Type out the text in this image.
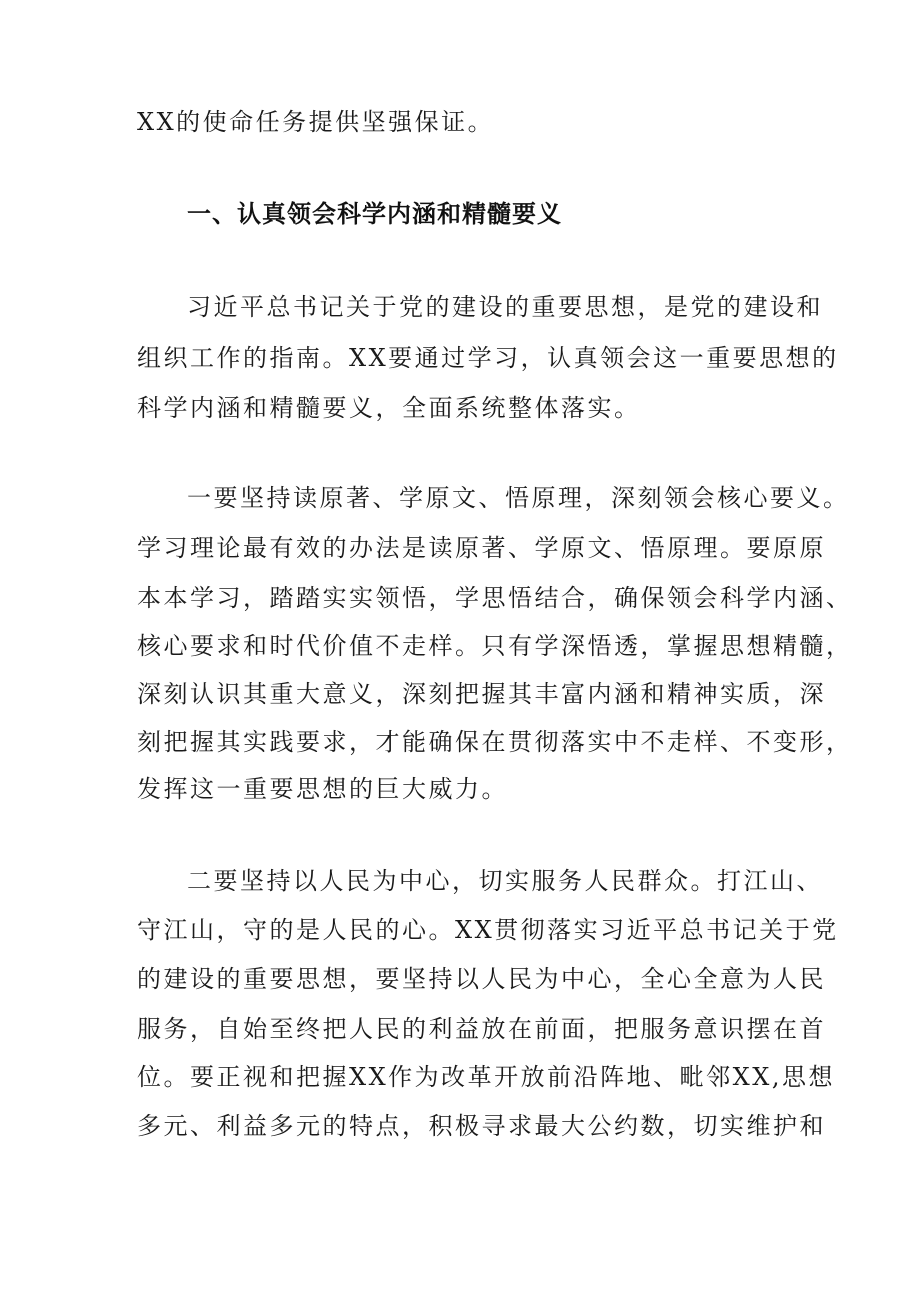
XX的使命任务提供坚强保证。

一、认真领会科学内涵和精髓要义

习近平总书记关于党的建设的重要思想，是党的建设和

组织工作的指南。XX要通过学习，认真领会这一重要思想的

科学内涵和精髓要义，全面系统整体落实。

一要坚持读原著、学原文、悟原理，深刻领会核心要义。

学习理论最有效的办法是读原著、学原文、悟原理。要原原

本本学习，踏踏实实领悟，学思悟结合，确保领会科学内涵、

核心要求和时代价值不走样。只有学深悟透，掌握思想精髓，

深刻认识其重大意义，深刻把握其丰富内涵和精神实质，深

刻把握其实践要求，才能确保在贯彻落实中不走样、不变形，

发挥这一重要思想的巨大威力。

二要坚持以人民为中心，切实服务人民群众。打江山、

守江山，守的是人民的心。XX贯彻落实习近平总书记关于党

的建设的重要思想，要坚持以人民为中心，全心全意为人民

服务，自始至终把人民的利益放在前面，把服务意识摆在首

位。要正视和把握XX作为改革开放前沿阵地、毗邻XX,思想

多元、利益多元的特点，积极寻求最大公约数，切实维护和
